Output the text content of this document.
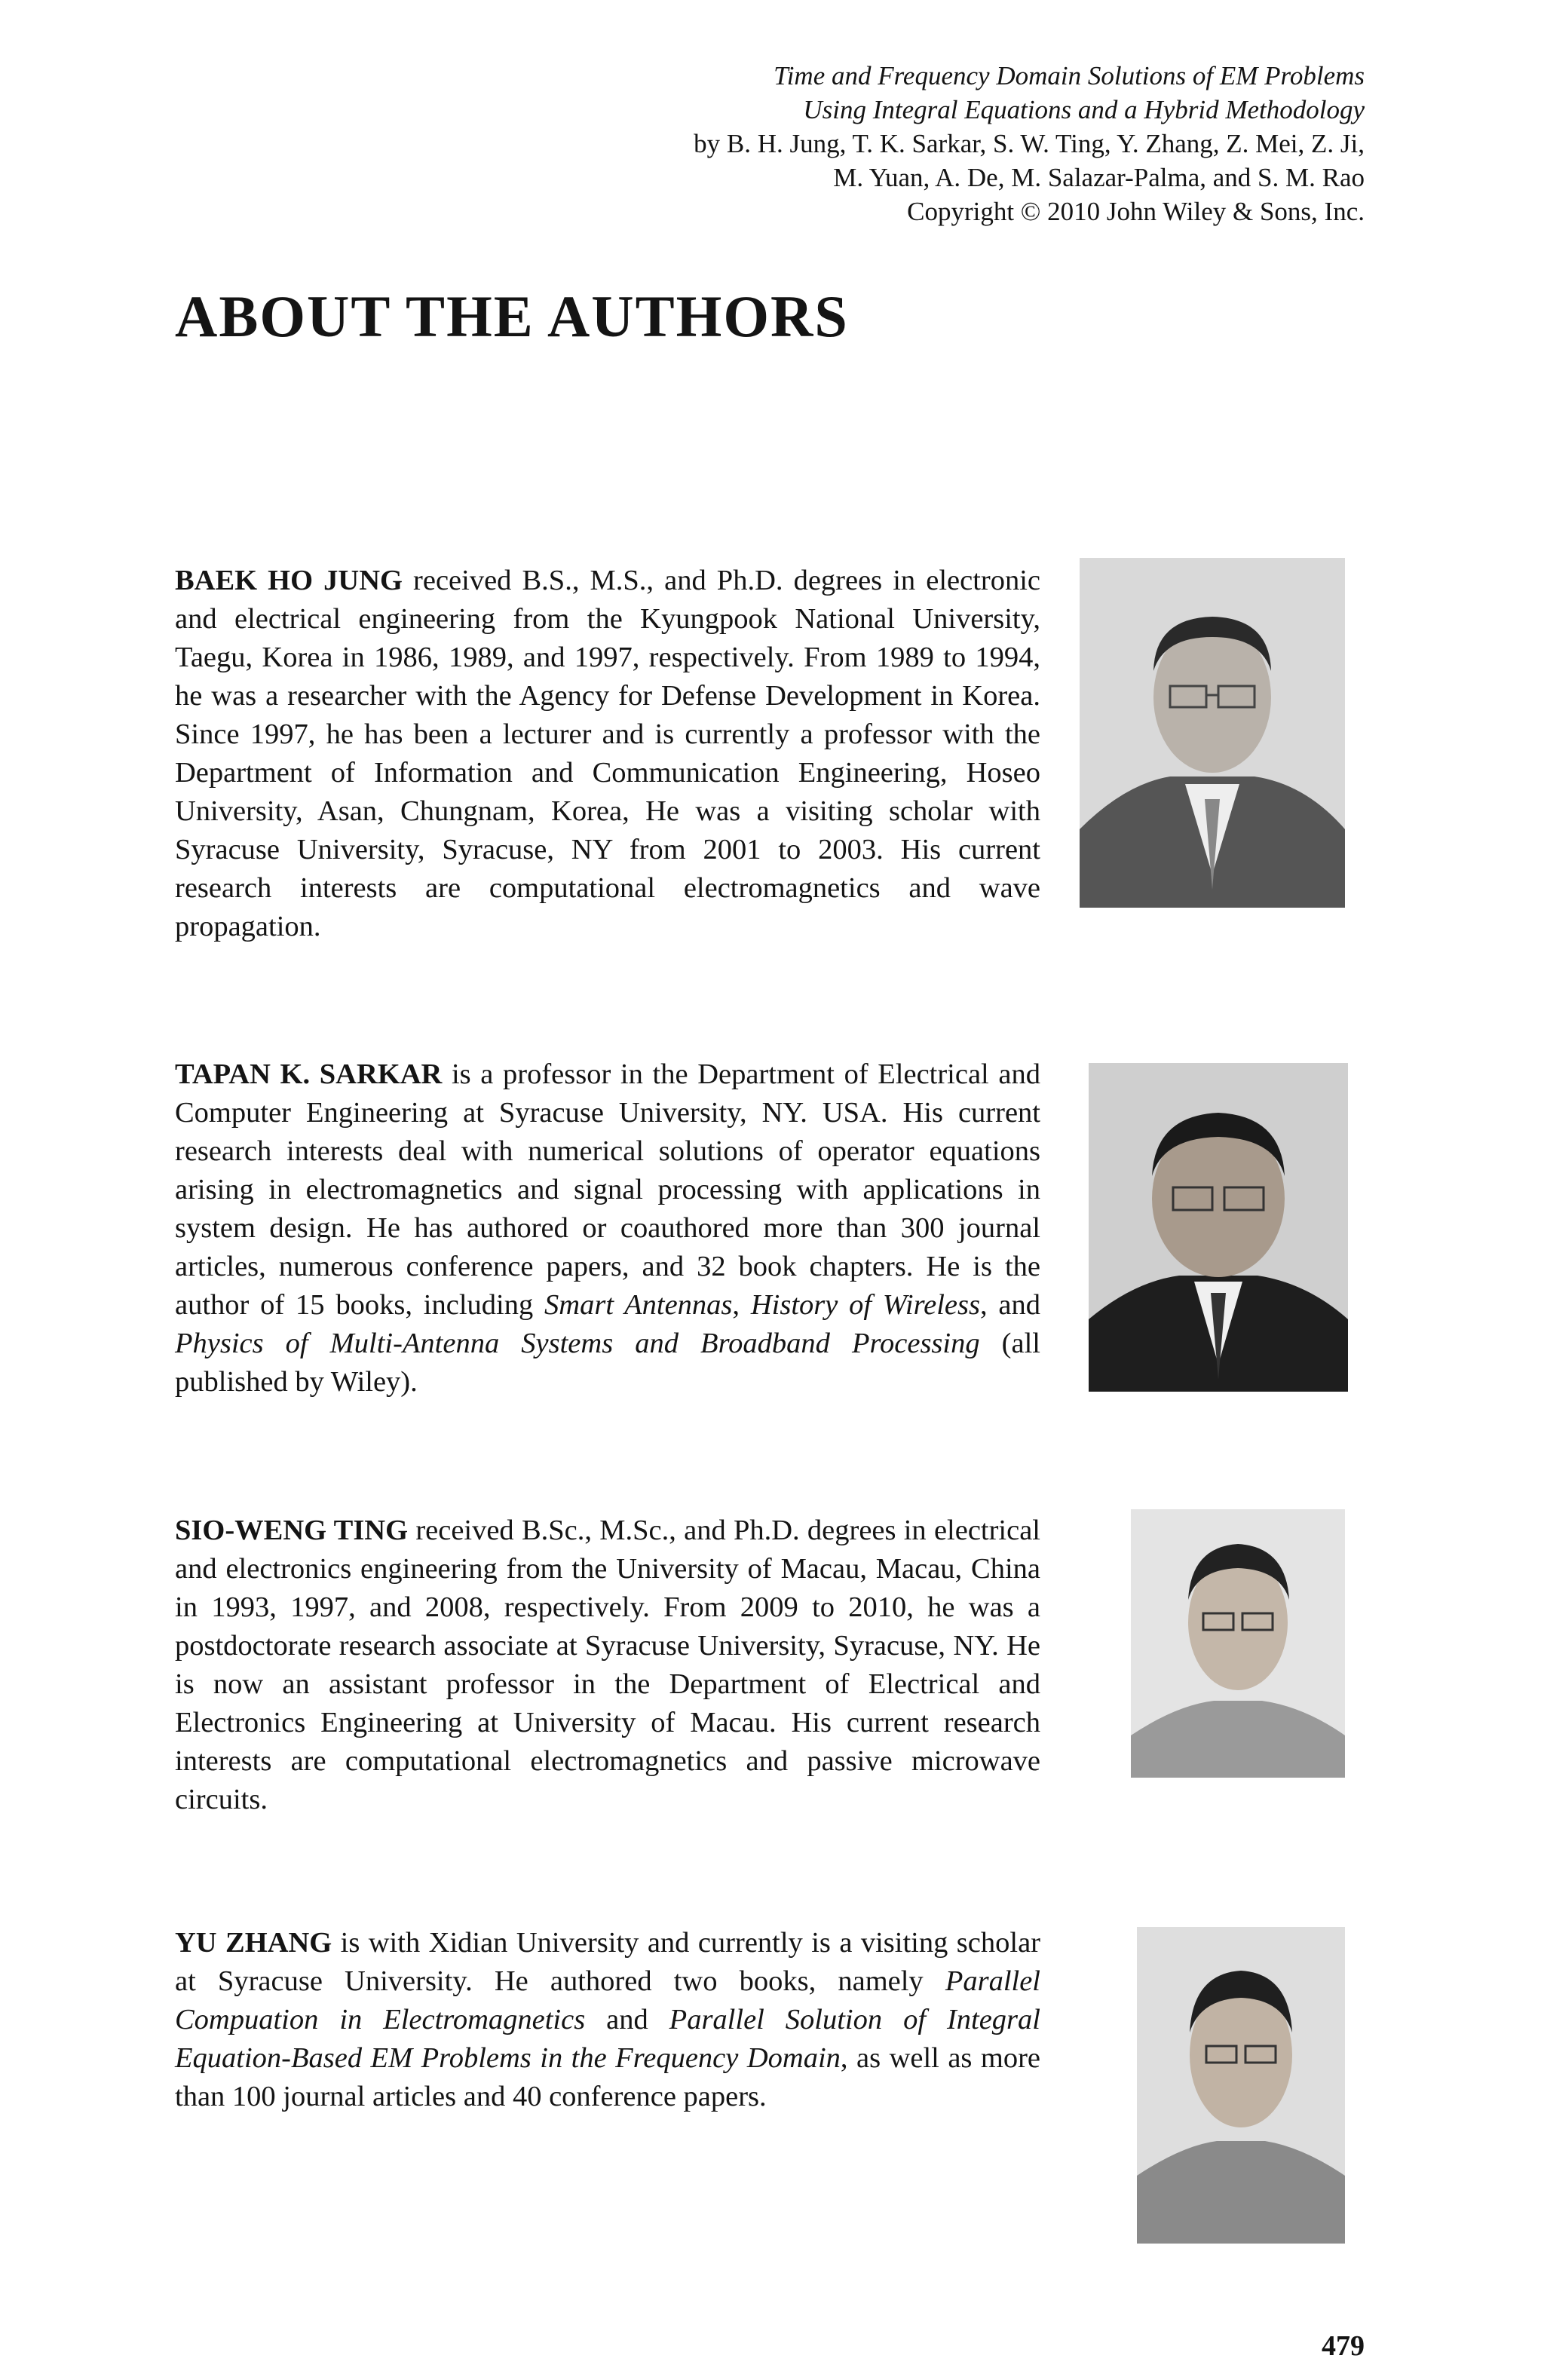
Time and Frequency Domain Solutions of EM Problems
Using Integral Equations and a Hybrid Methodology
by B. H. Jung, T. K. Sarkar, S. W. Ting, Y. Zhang, Z. Mei, Z. Ji,
M. Yuan, A. De, M. Salazar-Palma, and S. M. Rao
Copyright © 2010 John Wiley & Sons, Inc.
ABOUT THE AUTHORS
BAEK HO JUNG received B.S., M.S., and Ph.D. degrees in electronic and electrical engineering from the Kyungpook National University, Taegu, Korea in 1986, 1989, and 1997, respectively. From 1989 to 1994, he was a researcher with the Agency for Defense Development in Korea. Since 1997, he has been a lecturer and is currently a professor with the Department of Information and Communication Engineering, Hoseo University, Asan, Chungnam, Korea, He was a visiting scholar with Syracuse University, Syracuse, NY from 2001 to 2003. His current research interests are computational electromagnetics and wave propagation.
TAPAN K. SARKAR is a professor in the Department of Electrical and Computer Engineering at Syracuse University, NY. USA. His current research interests deal with numerical solutions of operator equations arising in electromagnetics and signal processing with applications in system design. He has authored or coauthored more than 300 journal articles, numerous conference papers, and 32 book chapters. He is the author of 15 books, including Smart Antennas, History of Wireless, and Physics of Multi-Antenna Systems and Broadband Processing (all published by Wiley).
SIO-WENG TING received B.Sc., M.Sc., and Ph.D. degrees in electrical and electronics engineering from the University of Macau, Macau, China in 1993, 1997, and 2008, respectively. From 2009 to 2010, he was a postdoctorate research associate at Syracuse University, Syracuse, NY. He is now an assistant professor in the Department of Electrical and Electronics Engineering at University of Macau. His current research interests are computational electromagnetics and passive microwave circuits.
YU ZHANG is with Xidian University and currently is a visiting scholar at Syracuse University. He authored two books, namely Parallel Compuation in Electromagnetics and Parallel Solution of Integral Equation-Based EM Problems in the Frequency Domain, as well as more than 100 journal articles and 40 conference papers.
479
